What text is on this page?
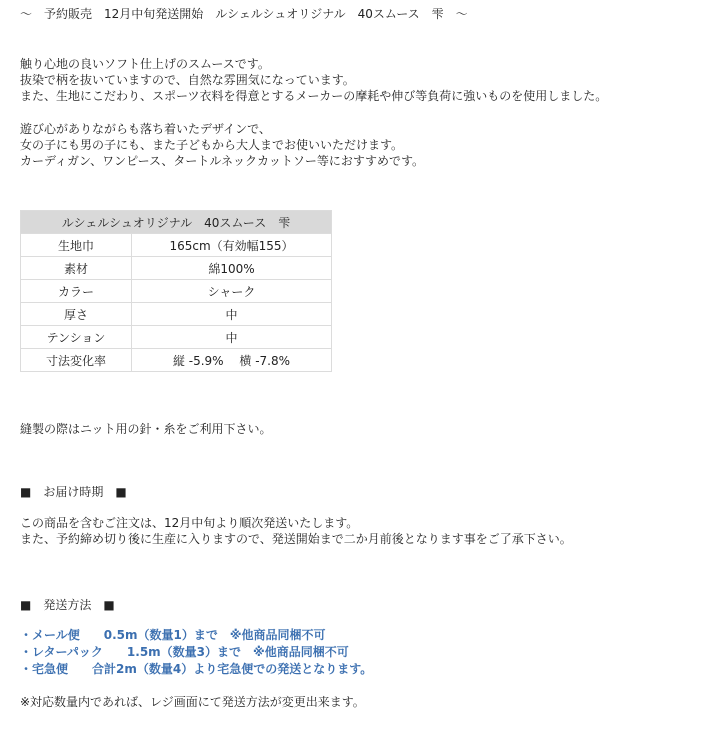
〜　予約販売　12月中旬発送開始　ルシェルシュオリジナル　40スムース　雫　〜
触り心地の良いソフト仕上げのスムースです。
抜染で柄を抜いていますので、自然な雰囲気になっています。
また、生地にこだわり、スポーツ衣料を得意とするメーカーの摩耗や伸び等負荷に強いものを使用しました。
遊び心がありながらも落ち着いたデザインで、
女の子にも男の子にも、また子どもから大人までお使いいただけます。
カーディガン、ワンピース、タートルネックカットソー等におすすめです。
ルシェルシュオリジナル　40スムース　雫	
生地巾	165cm（有効幅155）
素材	綿100%
カラー	シャーク
厚さ	中
テンション	中
寸法変化率	縦 -5.9%　 横 -7.8%
縫製の際はニット用の針・糸をご利用下さい。
■　お届け時期　■
この商品を含むご注文は、12月中旬より順次発送いたします。
また、予約締め切り後に生産に入りますので、発送開始まで二か月前後となります事をご了承下さい。
■　発送方法　■
・メール便　　0.5m（数量1）まで　※他商品同梱不可
・レターパック　　1.5m（数量3）まで　※他商品同梱不可
・宅急便　　合計2m（数量4）より宅急便での発送となります。
※対応数量内であれば、レジ画面にて発送方法が変更出来ます。
